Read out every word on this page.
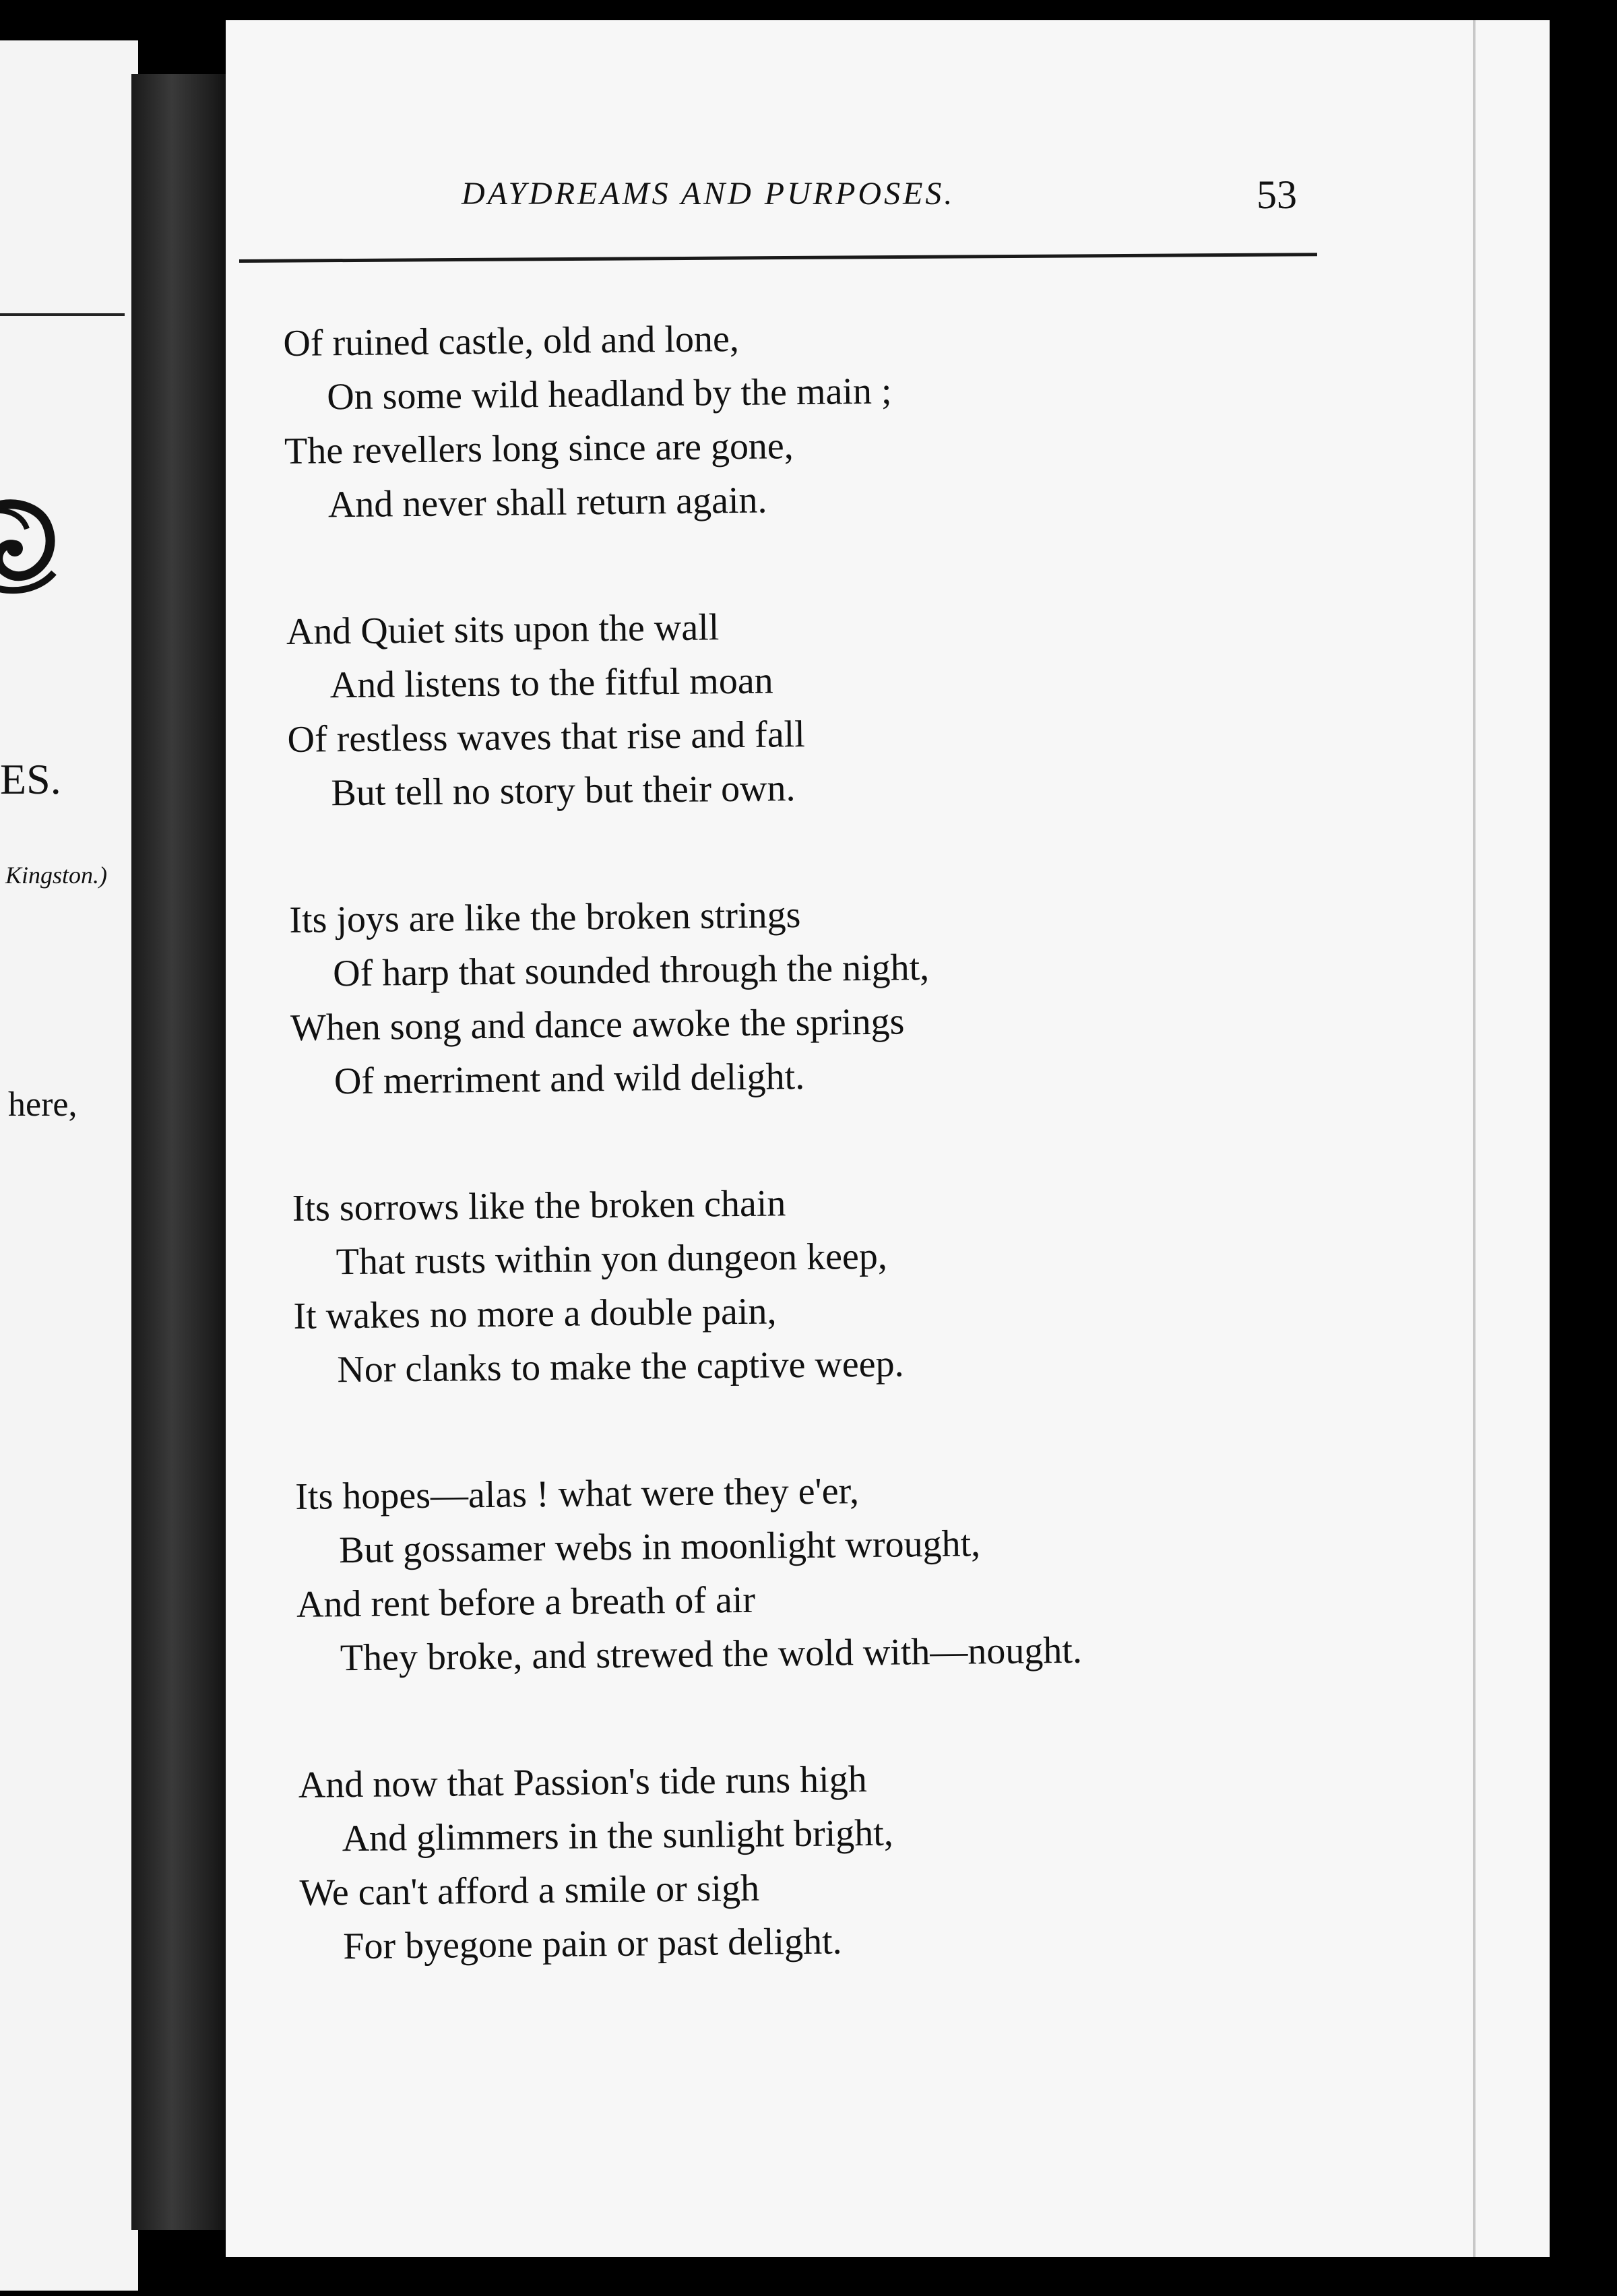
ES.
Kingston.)
here,
DAYDREAMS AND PURPOSES.	53
Of ruined castle, old and lone,
On some wild headland by the main ;
The revellers long since are gone,
And never shall return again.
And Quiet sits upon the wall
And listens to the fitful moan
Of restless waves that rise and fall
But tell no story but their own.
Its joys are like the broken strings
Of harp that sounded through the night,
When song and dance awoke the springs
Of merriment and wild delight.
Its sorrows like the broken chain
That rusts within yon dungeon keep,
It wakes no more a double pain,
Nor clanks to make the captive weep.
Its hopes—alas ! what were they e'er,
But gossamer webs in moonlight wrought,
And rent before a breath of air
They broke, and strewed the wold with—nought.
And now that Passion's tide runs high
And glimmers in the sunlight bright,
We can't afford a smile or sigh
For byegone pain or past delight.
